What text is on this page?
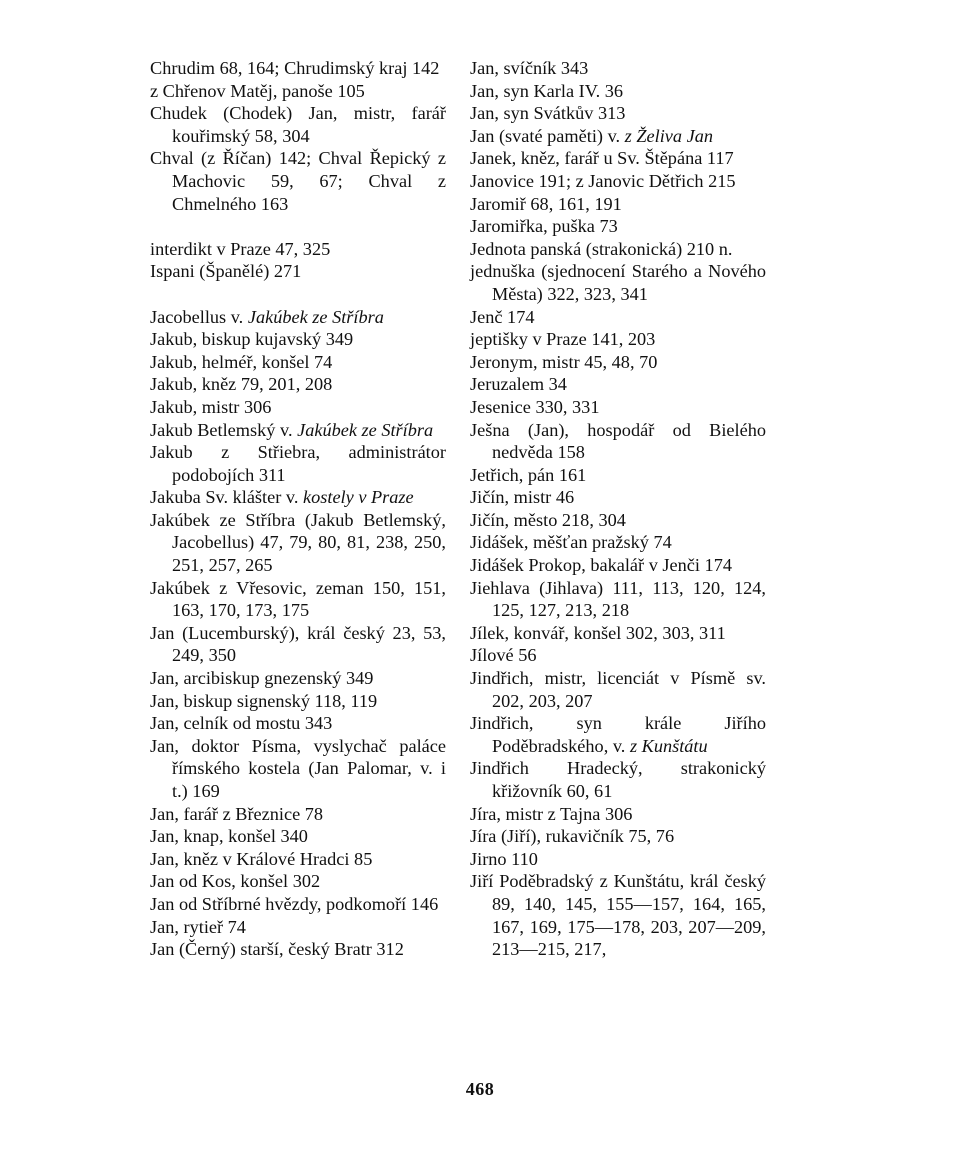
Chrudim 68, 164; Chrudimský kraj 142

z Chřenov Matěj, panoše 105

Chudek (Chodek) Jan, mistr, farář kouřimský 58, 304

Chval (z Říčan) 142; Chval Řepický z Machovic 59, 67; Chval z Chmelného 163

interdikt v Praze 47, 325

Ispani (Španělé) 271

Jacobellus v. Jakúbek ze Stříbra

Jakub, biskup kujavský 349

Jakub, helméř, konšel 74

Jakub, kněz 79, 201, 208

Jakub, mistr 306

Jakub Betlemský v. Jakúbek ze Stříbra

Jakub z Střiebra, administrátor podobojích 311

Jakuba Sv. klášter v. kostely v Praze

Jakúbek ze Stříbra (Jakub Betlemský, Jacobellus) 47, 79, 80, 81, 238, 250, 251, 257, 265

Jakúbek z Vřesovic, zeman 150, 151, 163, 170, 173, 175

Jan (Lucemburský), král český 23, 53, 249, 350

Jan, arcibiskup gnezenský 349

Jan, biskup signenský 118, 119

Jan, celník od mostu 343

Jan, doktor Písma, vyslychač paláce římského kostela (Jan Palomar, v. i t.) 169

Jan, farář z Březnice 78

Jan, knap, konšel 340

Jan, kněz v Králové Hradci 85

Jan od Kos, konšel 302

Jan od Stříbrné hvězdy, podkomoří 146

Jan, rytieř 74

Jan (Černý) starší, český Bratr 312

Jan, svíčník 343

Jan, syn Karla IV. 36

Jan, syn Svátkův 313

Jan (svaté paměti) v. z Želiva Jan

Janek, kněz, farář u Sv. Štěpána 117

Janovice 191; z Janovic Dětřich 215

Jaromiř 68, 161, 191

Jaromiřka, puška 73

Jednota panská (strakonická) 210 n.

jednuška (sjednocení Starého a Nového Města) 322, 323, 341

Jenč 174

jeptišky v Praze 141, 203

Jeronym, mistr 45, 48, 70

Jeruzalem 34

Jesenice 330, 331

Ješna (Jan), hospodář od Bielého nedvěda 158

Jetřich, pán 161

Jičín, mistr 46

Jičín, město 218, 304

Jidášek, měšťan pražský 74

Jidášek Prokop, bakalář v Jenči 174

Jiehlava (Jihlava) 111, 113, 120, 124, 125, 127, 213, 218

Jílek, konvář, konšel 302, 303, 311

Jílové 56

Jindřich, mistr, licenciát v Písmě sv. 202, 203, 207

Jindřich, syn krále Jiřího Poděbradského, v. z Kunštátu

Jindřich Hradecký, strakonický křižovník 60, 61

Jíra, mistr z Tajna 306

Jíra (Jiří), rukavičník 75, 76

Jirno 110

Jiří Poděbradský z Kunštátu, král český 89, 140, 145, 155—157, 164, 165, 167, 169, 175—178, 203, 207—209, 213—215, 217,

468
